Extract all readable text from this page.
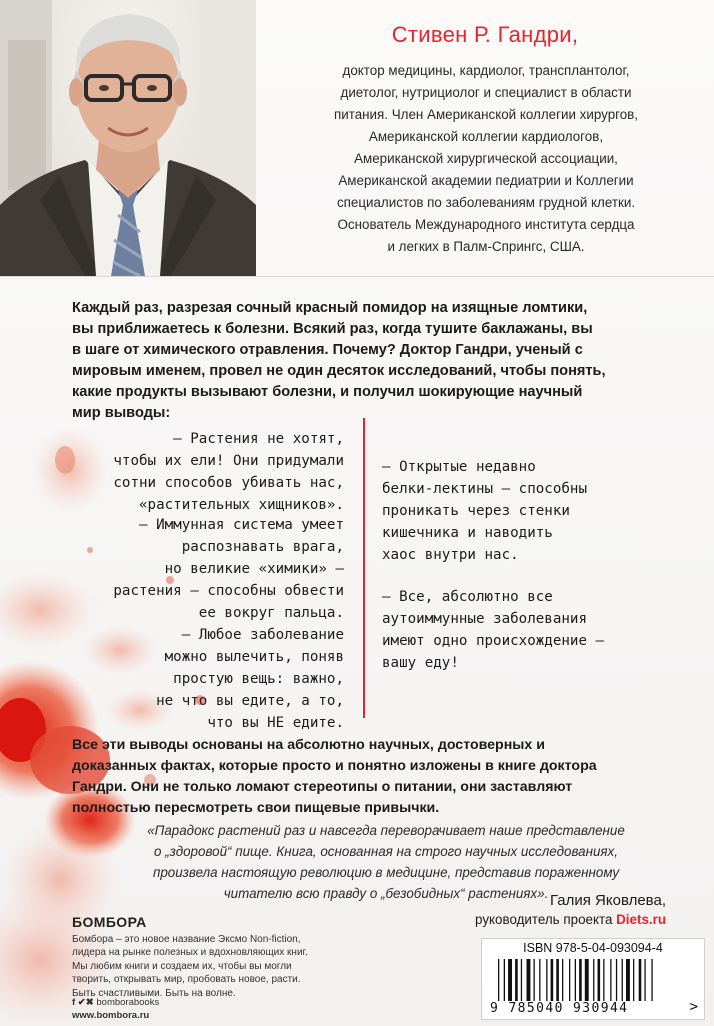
Стивен Р. Гандри,

доктор медицины, кардиолог, трансплантолог,
диетолог, нутрициолог и специалист в области
питания. Член Американской коллегии хирургов,
Американской коллегии кардиологов,
Американской хирургической ассоциации,
Американской академии педиатрии и Коллегии
специалистов по заболеваниям грудной клетки.
Основатель Международного института сердца
и легких в Палм-Спрингс, США.

Каждый раз, разрезая сочный красный помидор на изящные ломтики,
вы приближаетесь к болезни. Всякий раз, когда тушите баклажаны, вы
в шаге от химического отравления. Почему? Доктор Гандри, ученый с
мировым именем, провел не один десяток исследований, чтобы понять,
какие продукты вызывают болезни, и получил шокирующие научный
мир выводы:

– Растения не хотят,
чтобы их ели! Они придумали
сотни способов убивать нас,
«растительных хищников».

– Иммунная система умеет
распознавать врага,
но великие «химики» –
растения – способны обвести
ее вокруг пальца.

– Любое заболевание
можно вылечить, поняв
простую вещь: важно,
не что вы едите, а то,
что вы НЕ едите.

– Открытые недавно
белки-лектины – способны
проникать через стенки
кишечника и наводить
хаос внутри нас.

– Все, абсолютно все
аутоиммунные заболевания
имеют одно происхождение –
вашу еду!

Все эти выводы основаны на абсолютно научных, достоверных и
доказанных фактах, которые просто и понятно изложены в книге доктора
Гандри. Они не только ломают стереотипы о питании, они заставляют
полностью пересмотреть свои пищевые привычки.

«Парадокс растений раз и навсегда переворачивает наше представление
о „здоровой“ пище. Книга, основанная на строго научных исследованиях,
произвела настоящую революцию в медицине, представив пораженному
читателю всю правду о „безобидных“ растениях». Галия Яковлева,
руководитель проекта Diets.ru
БОМБОРА

Бомбора – это новое название Эксмо Non-fiction,
лидера на рынке полезных и вдохновляющих книг.
Мы любим книги и создаем их, чтобы вы могли
творить, открывать мир, пробовать новое, расти.
Быть счастливыми. Быть на волне.

f ✔✖ bomborabooks
www.bombora.ru
ISBN 978-5-04-093094-4
9 785040 930944	>
